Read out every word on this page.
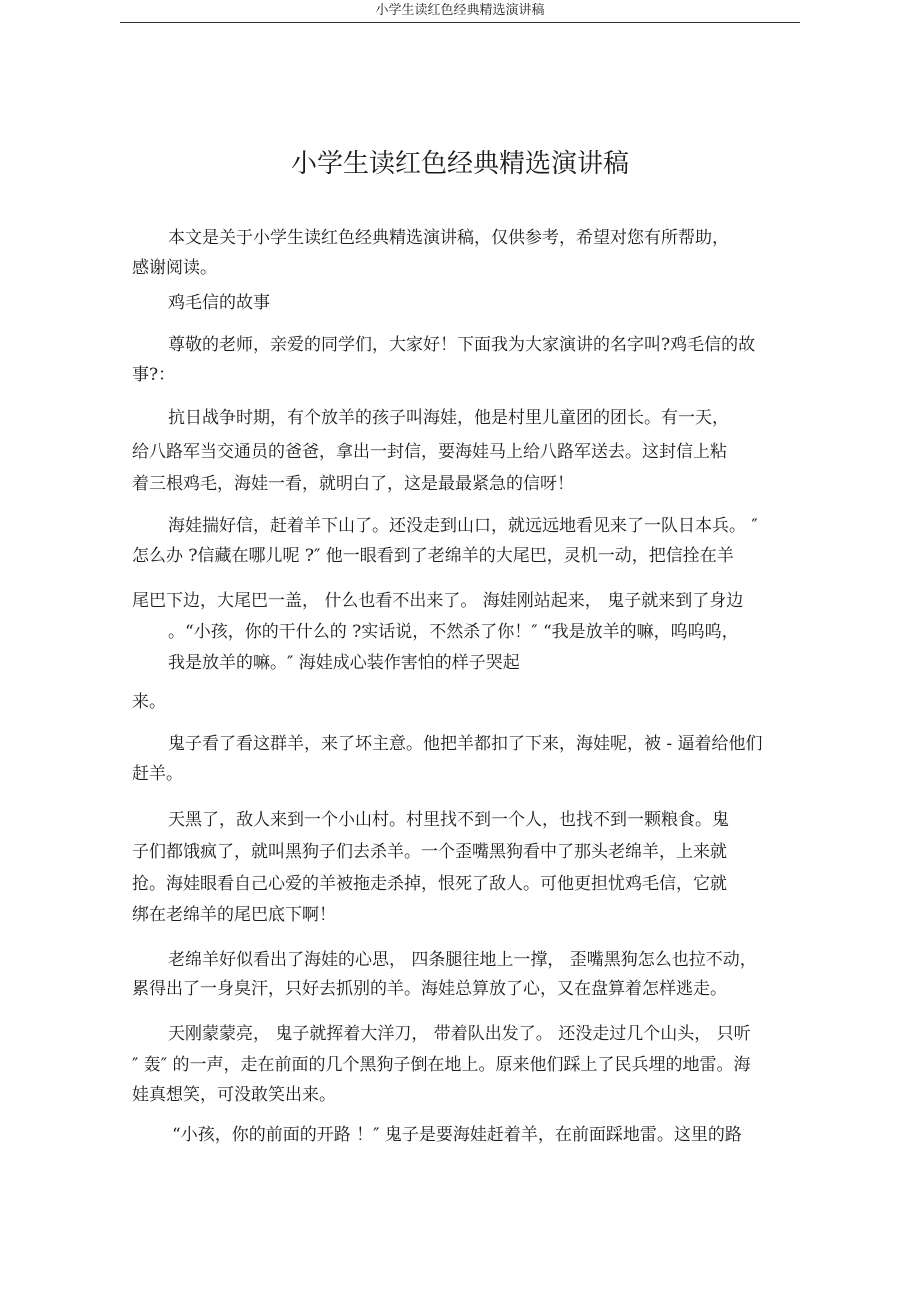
小学生读红色经典精选演讲稿
小学生读红色经典精选演讲稿
本文是关于小学生读红色经典精选演讲稿，仅供参考，希望对您有所帮助，
感谢阅读。
鸡毛信的故事
尊敬的老师，亲爱的同学们，大家好！下面我为大家演讲的名字叫?鸡毛信的故
事?：
抗日战争时期，有个放羊的孩子叫海娃，他是村里儿童团的团长。有一天，
给八路军当交通员的爸爸，拿出一封信，要海娃马上给八路军送去。这封信上粘
着三根鸡毛，海娃一看，就明白了，这是最最紧急的信呀！
海娃揣好信，赶着羊下山了。还没走到山口，就远远地看见来了一队日本兵。 ″
怎么办 ?信藏在哪儿呢 ?″ 他一眼看到了老绵羊的大尾巴，灵机一动，把信拴在羊
尾巴下边，大尾巴一盖， 什么也看不出来了。 海娃刚站起来， 鬼子就来到了身边
。“小孩，你的干什么的 ?实话说，不然杀了你！″ “我是放羊的嘛，呜呜呜，
我是放羊的嘛。″ 海娃成心装作害怕的样子哭起
来。
鬼子看了看这群羊，来了坏主意。他把羊都扣了下来，海娃呢，被 - 逼着给他们
赶羊。
天黑了，敌人来到一个小山村。村里找不到一个人，也找不到一颗粮食。鬼
子们都饿疯了，就叫黑狗子们去杀羊。一个歪嘴黑狗看中了那头老绵羊，上来就
抢。海娃眼看自己心爱的羊被拖走杀掉，恨死了敌人。可他更担忧鸡毛信，它就
绑在老绵羊的尾巴底下啊！
老绵羊好似看出了海娃的心思， 四条腿往地上一撑， 歪嘴黑狗怎么也拉不动，
累得出了一身臭汗，只好去抓别的羊。海娃总算放了心，又在盘算着怎样逃走。
天刚蒙蒙亮， 鬼子就挥着大洋刀， 带着队出发了。 还没走过几个山头， 只听
″ 轰″ 的一声，走在前面的几个黑狗子倒在地上。原来他们踩上了民兵埋的地雷。海
娃真想笑，可没敢笑出来。
“小孩，你的前面的开路 ！″ 鬼子是要海娃赶着羊，在前面踩地雷。这里的路
